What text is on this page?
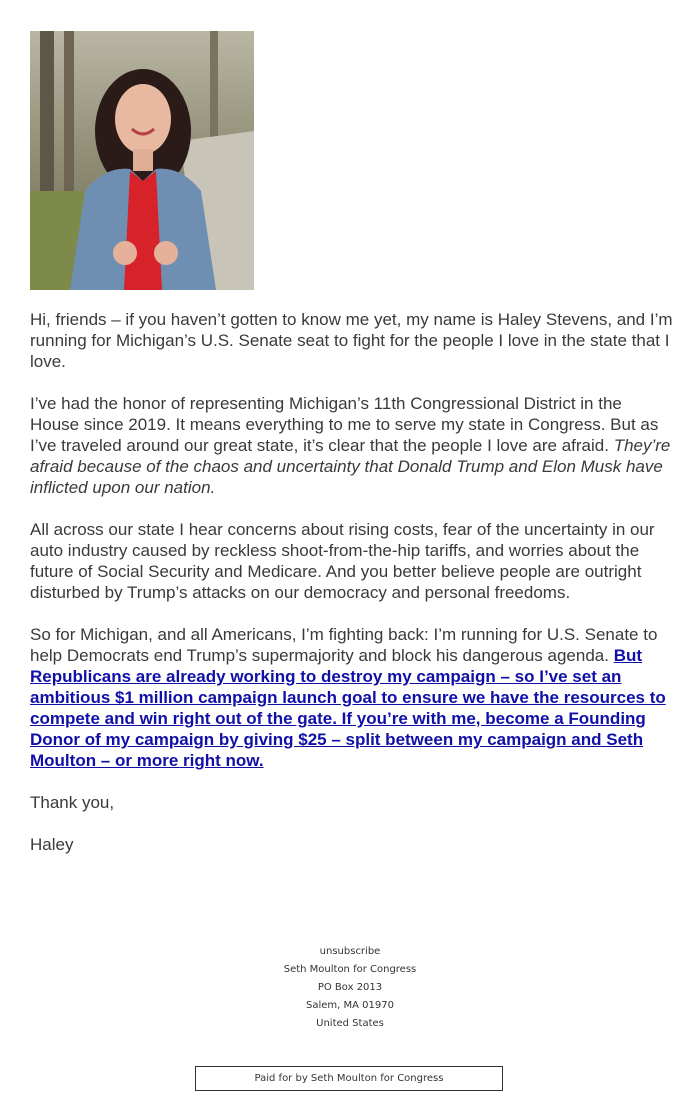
Hi, friends – if you haven’t gotten to know me yet, my name is Haley Stevens, and I’m running for Michigan’s U.S. Senate seat to fight for the people I love in the state that I love.

I’ve had the honor of representing Michigan’s 11th Congressional District in the House since 2019. It means everything to me to serve my state in Congress. But as I’ve traveled around our great state, it’s clear that the people I love are afraid. They’re afraid because of the chaos and uncertainty that Donald Trump and Elon Musk have inflicted upon our nation.

All across our state I hear concerns about rising costs, fear of the uncertainty in our auto industry caused by reckless shoot-from-the-hip tariffs, and worries about the future of Social Security and Medicare. And you better believe people are outright disturbed by Trump’s attacks on our democracy and personal freedoms.

So for Michigan, and all Americans, I’m fighting back: I’m running for U.S. Senate to help Democrats end Trump’s supermajority and block his dangerous agenda. But Republicans are already working to destroy my campaign – so I’ve set an ambitious $1 million campaign launch goal to ensure we have the resources to compete and win right out of the gate. If you’re with me, become a Founding Donor of my campaign by giving $25 – split between my campaign and Seth Moulton – or more right now.

Thank you,

Haley

unsubscribe
Seth Moulton for Congress
PO Box 2013
Salem, MA 01970
United States
Paid for by Seth Moulton for Congress
